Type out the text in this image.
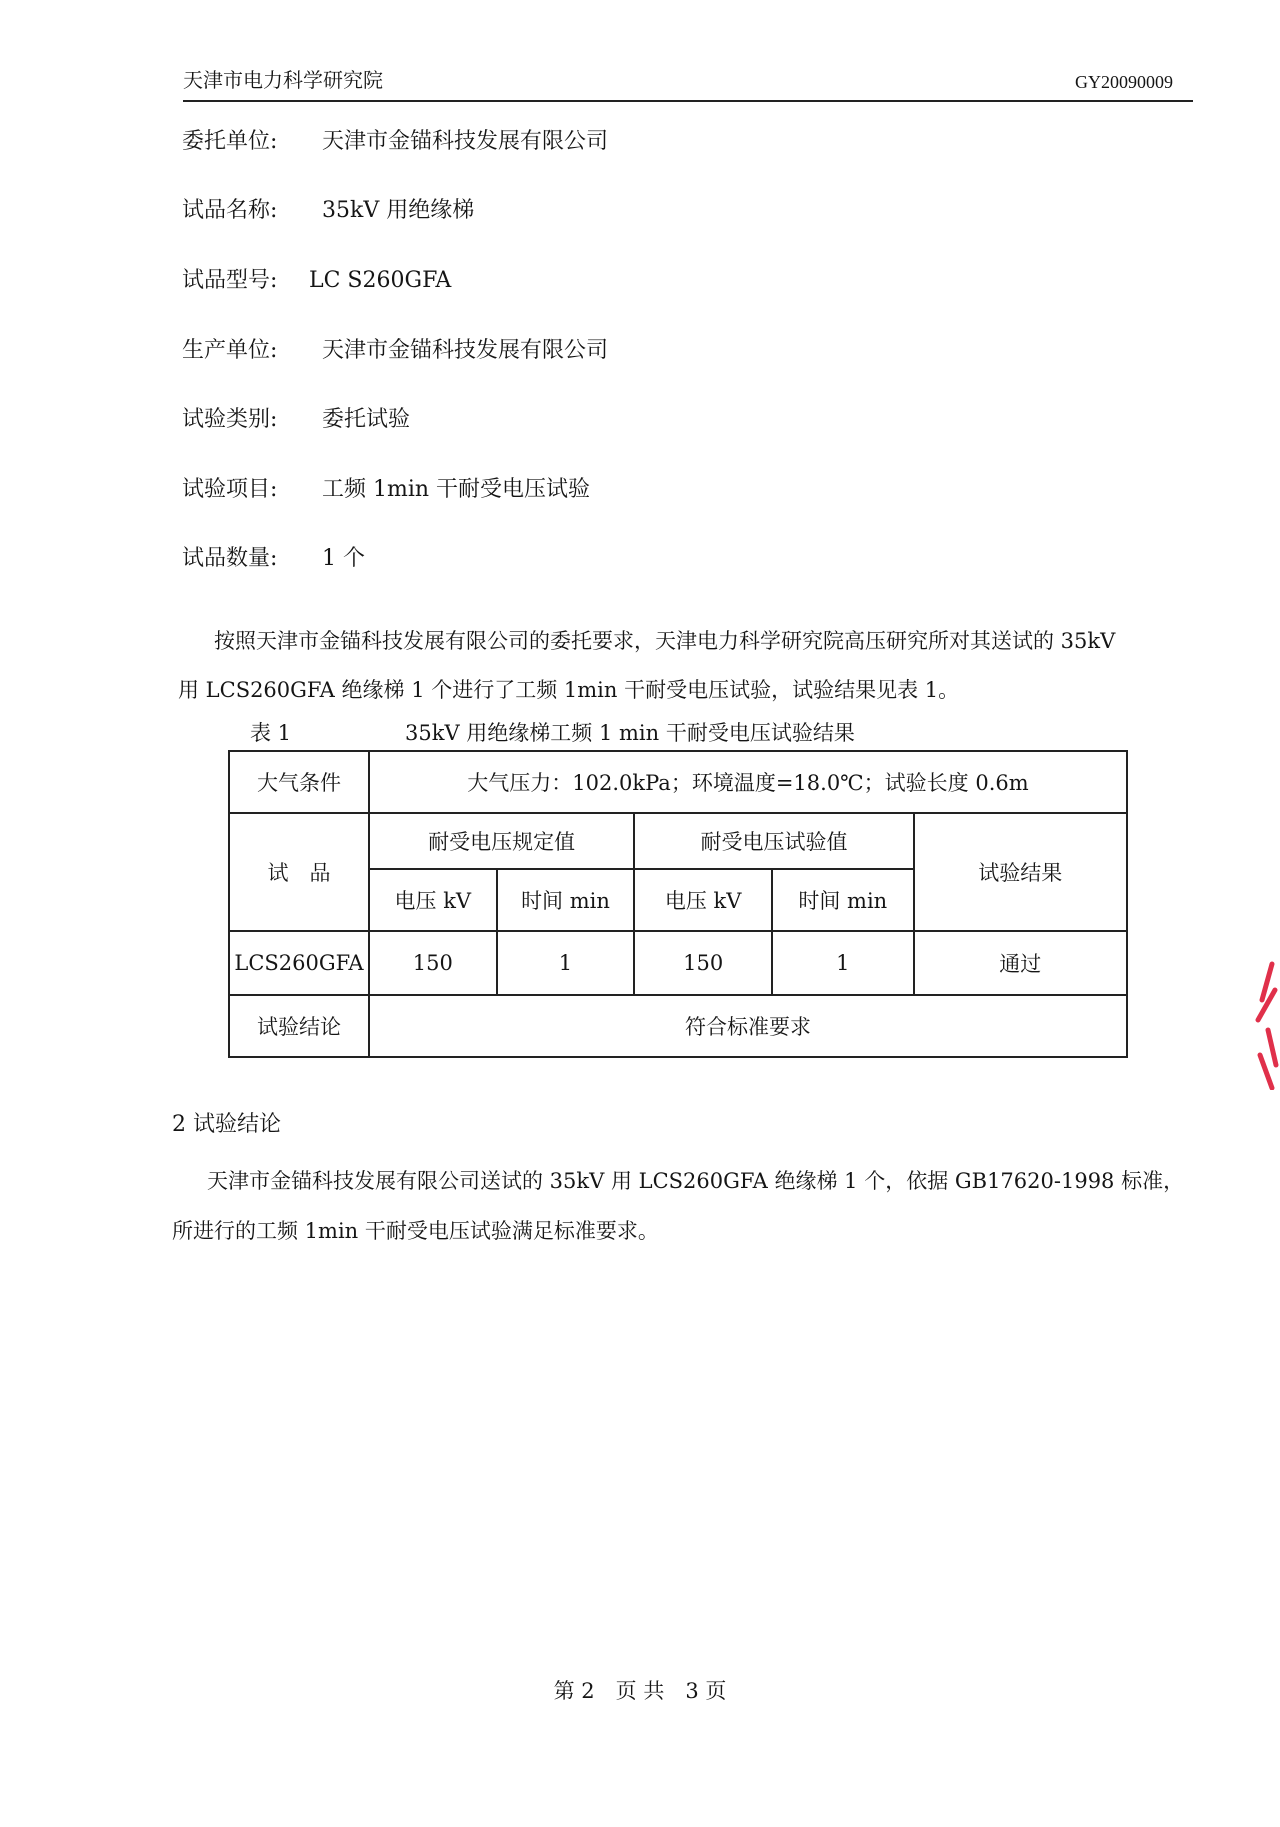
天津市电力科学研究院	GY20090009
委托单位: 天津市金锚科技发展有限公司
试品名称: 35kV 用绝缘梯
试品型号: LC S260GFA
生产单位: 天津市金锚科技发展有限公司
试验类别: 委托试验
试验项目: 工频 1min 干耐受电压试验
试品数量: 1 个
按照天津市金锚科技发展有限公司的委托要求，天津电力科学研究院高压研究所对其送试的 35kV
用 LCS260GFA 绝缘梯 1 个进行了工频 1min 干耐受电压试验，试验结果见表 1。
表 1	35kV 用绝缘梯工频 1 min 干耐受电压试验结果
大气条件	大气压力：102.0kPa；环境温度=18.0℃；试验长度 0.6m				
试　品	耐受电压规定值		耐受电压试验值		试验结果
	电压 kV	时间 min	电压 kV	时间 min	
LCS260GFA	150	1	150	1	通过
试验结论	符合标准要求				
2 试验结论
天津市金锚科技发展有限公司送试的 35kV 用 LCS260GFA 绝缘梯 1 个，依据 GB17620-1998 标准，
所进行的工频 1min 干耐受电压试验满足标准要求。
第 2　页 共　3 页
